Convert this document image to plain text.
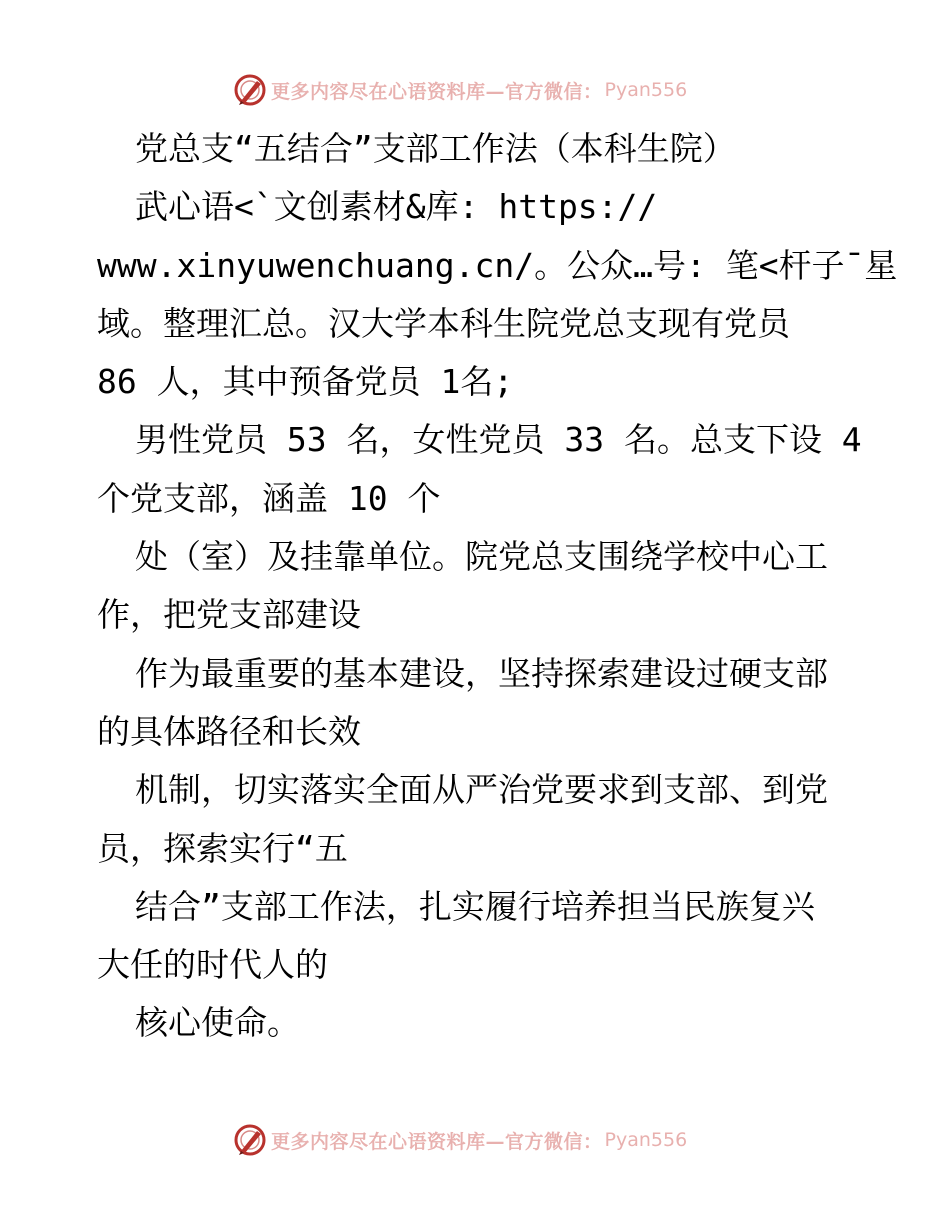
更多内容尽在心语资料库—官方微信： Pyan556
党总支“五结合”支部工作法（本科生院）
武心语<`文创素材&库: https://
www.xinyuwenchuang.cn/。公众…号: 笔<杆子¯星
域。整理汇总。汉大学本科生院党总支现有党员
86 人，其中预备党员 1名;
男性党员 53 名，女性党员 33 名。总支下设 4
个党支部，涵盖 10 个
处（室）及挂靠单位。院党总支围绕学校中心工
作，把党支部建设
作为最重要的基本建设，坚持探索建设过硬支部
的具体路径和长效
机制，切实落实全面从严治党要求到支部、到党
员，探索实行“五
结合”支部工作法，扎实履行培养担当民族复兴
大任的时代人的
核心使命。
更多内容尽在心语资料库—官方微信： Pyan556
